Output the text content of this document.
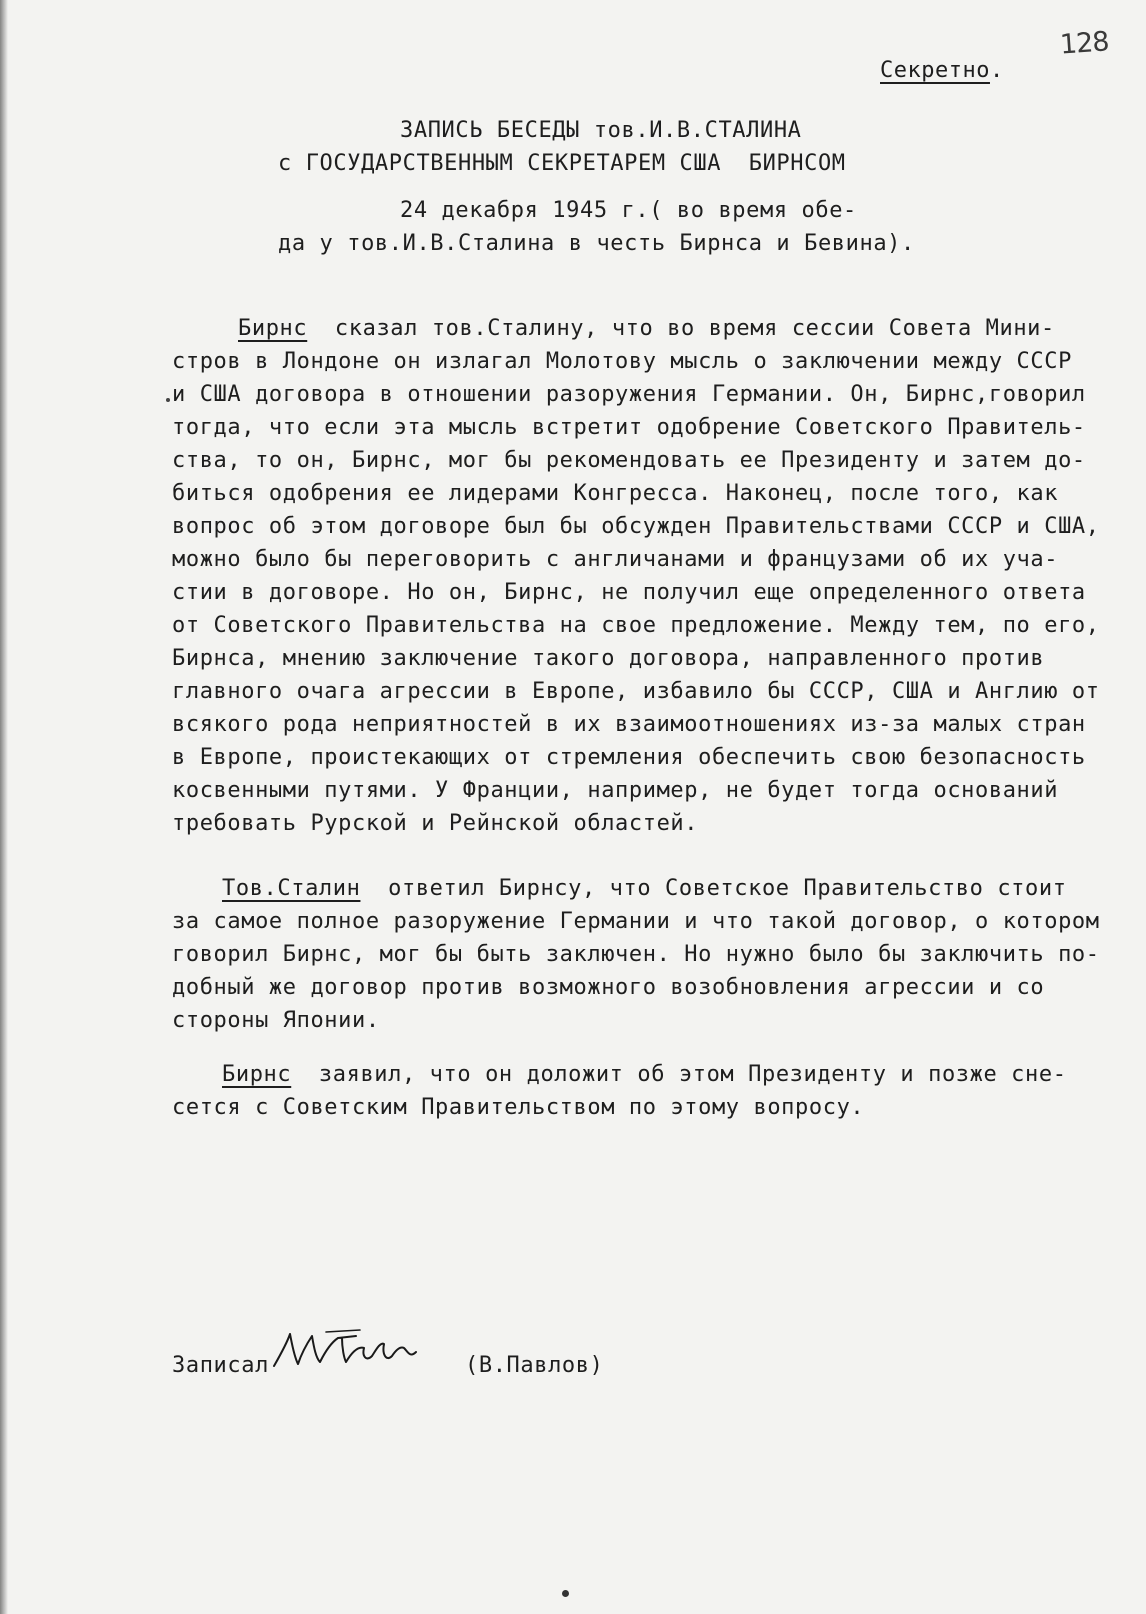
128
Секретно.
ЗАПИСЬ БЕСЕДЫ тов.И.В.СТАЛИНА
с ГОСУДАРСТВЕННЫМ СЕКРЕТАРЕМ США  БИРНСОМ
24 декабря 1945 г.( во время обе-
да у тов.И.В.Сталина в честь Бирнса и Бевина).
Бирнс  сказал тов.Сталину, что во время сессии Совета Мини-
стров в Лондоне он излагал Молотову мысль о заключении между СССР
и США договора в отношении разоружения Германии. Он, Бирнс,говорил
тогда, что если эта мысль встретит одобрение Советского Правитель-
ства, то он, Бирнс, мог бы рекомендовать ее Президенту и затем до-
биться одобрения ее лидерами Конгресса. Наконец, после того, как
вопрос об этом договоре был бы обсужден Правительствами СССР и США,
можно было бы переговорить с англичанами и французами об их уча-
стии в договоре. Но он, Бирнс, не получил еще определенного ответа
от Советского Правительства на свое предложение. Между тем, по его,
Бирнса, мнению заключение такого договора, направленного против
главного очага агрессии в Европе, избавило бы СССР, США и Англию от
всякого рода неприятностей в их взаимоотношениях из-за малых стран
в Европе, проистекающих от стремления обеспечить свою безопасность
косвенными путями. У Франции, например, не будет тогда оснований
требовать Рурской и Рейнской областей.
Тов.Сталин  ответил Бирнсу, что Советское Правительство стоит
за самое полное разоружение Германии и что такой договор, о котором
говорил Бирнс, мог бы быть заключен. Но нужно было бы заключить по-
добный же договор против возможного возобновления агрессии и со
стороны Японии.
Бирнс  заявил, что он доложит об этом Президенту и позже сне-
сется с Советским Правительством по этому вопросу.
Записал	(В.Павлов)
